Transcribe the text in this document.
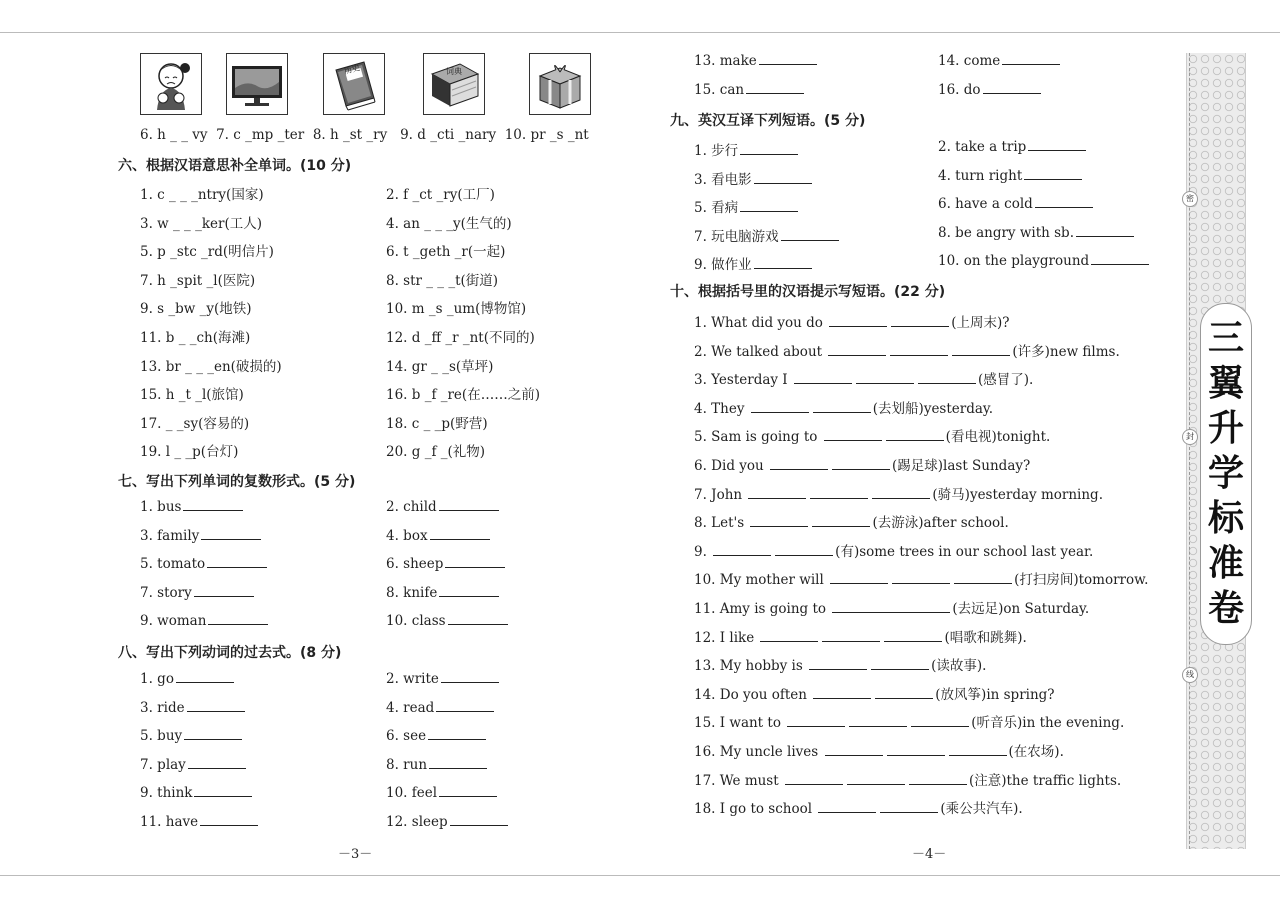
历史	词典
6. h _ _ vy 7. c _mp _ter 8. h _st _ry 9. d _cti _nary 10. pr _s _nt
六、根据汉语意思补全单词。(10 分)
1. c _ _ _ntry(国家)	2. f _ct _ry(工厂)
3. w _ _ _ker(工人)	4. an _ _ _y(生气的)
5. p _stc _rd(明信片)	6. t _geth _r(一起)
7. h _spit _l(医院)	8. str _ _ _t(街道)
9. s _bw _y(地铁)	10. m _s _um(博物馆)
11. b _ _ch(海滩)	12. d _ff _r _nt(不同的)
13. br _ _ _en(破损的)	14. gr _ _s(草坪)
15. h _t _l(旅馆)	16. b _f _re(在……之前)
17. _ _sy(容易的)	18. c _ _p(野营)
19. l _ _p(台灯)	20. g _f _(礼物)
七、写出下列单词的复数形式。(5 分)
1. bus	2. child
3. family	4. box
5. tomato	6. sheep
7. story	8. knife
9. woman	10. class
八、写出下列动词的过去式。(8 分)
1. go	2. write
3. ride	4. read
5. buy	6. see
7. play	8. run
9. think	10. feel
11. have	12. sleep
－3－
13. make	14. come
15. can	16. do
九、英汉互译下列短语。(5 分)
1. 步行	2. take a trip
3. 看电影	4. turn right
5. 看病	6. have a cold
7. 玩电脑游戏	8. be angry with sb.
9. 做作业	10. on the playground
十、根据括号里的汉语提示写短语。(22 分)
1. What did you do	(上周末)?
2. We talked about	(许多)new films.
3. Yesterday I	(感冒了).
4. They	(去划船)yesterday.
5. Sam is going to	(看电视)tonight.
6. Did you	(踢足球)last Sunday?
7. John	(骑马)yesterday morning.
8. Let's	(去游泳)after school.
9.	(有)some trees in our school last year.
10. My mother will	(打扫房间)tomorrow.
11. Amy is going to	(去远足)on Saturday.
12. I like	(唱歌和跳舞).
13. My hobby is	(读故事).
14. Do you often	(放风筝)in spring?
15. I want to	(听音乐)in the evening.
16. My uncle lives	(在农场).
17. We must	(注意)the traffic lights.
18. I go to school	(乘公共汽车).
－4－
密
封
线
三
翼
升
学
标
准
卷
